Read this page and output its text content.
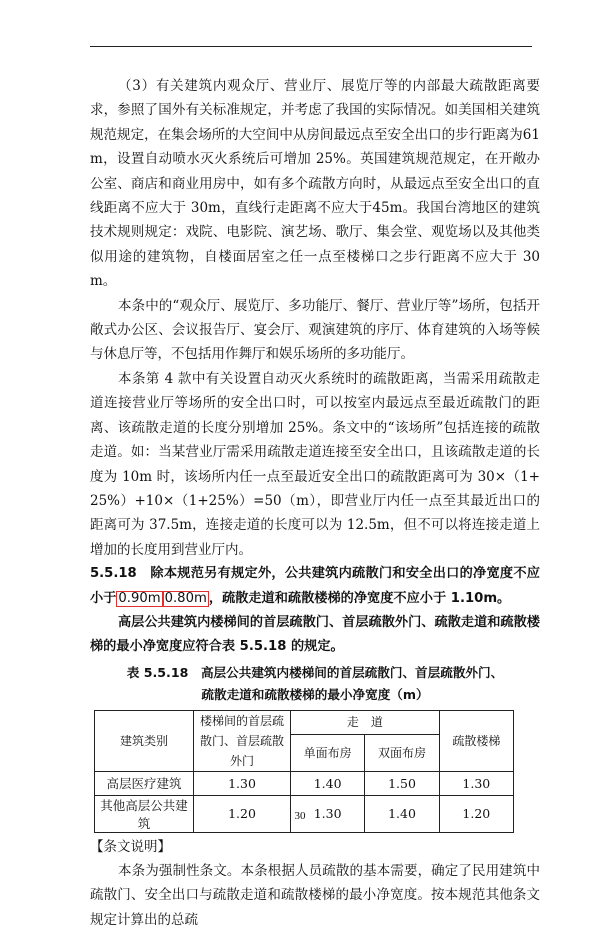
（3）有关建筑内观众厅、营业厅、展览厅等的内部最大疏散距离要求，参照了国外有关标准规定，并考虑了我国的实际情况。如美国相关建筑规范规定，在集会场所的大空间中从房间最远点至安全出口的步行距离为61m，设置自动喷水灭火系统后可增加 25%。英国建筑规范规定，在开敞办公室、商店和商业用房中，如有多个疏散方向时，从最远点至安全出口的直线距离不应大于 30m，直线行走距离不应大于45m。我国台湾地区的建筑技术规则规定：戏院、电影院、演艺场、歌厅、集会堂、观览场以及其他类似用途的建筑物，自楼面居室之任一点至楼梯口之步行距离不应大于 30m。

本条中的“观众厅、展览厅、多功能厅、餐厅、营业厅等”场所，包括开敞式办公区、会议报告厅、宴会厅、观演建筑的序厅、体育建筑的入场等候与休息厅等，不包括用作舞厅和娱乐场所的多功能厅。

本条第 4 款中有关设置自动灭火系统时的疏散距离，当需采用疏散走道连接营业厅等场所的安全出口时，可以按室内最远点至最近疏散门的距离、该疏散走道的长度分别增加 25%。条文中的“该场所”包括连接的疏散走道。如：当某营业厅需采用疏散走道连接至安全出口，且该疏散走道的长度为 10m 时，该场所内任一点至最近安全出口的疏散距离可为 30×（1+25%）+10×（1+25%）=50（m），即营业厅内任一点至其最近出口的距离可为 37.5m，连接走道的长度可以为 12.5m，但不可以将连接走道上增加的长度用到营业厅内。

5.5.18　除本规范另有规定外，公共建筑内疏散门和安全出口的净宽度不应小于 0.90m 0.80m ，疏散走道和疏散楼梯的净宽度不应小于 1.10m。

高层公共建筑内楼梯间的首层疏散门、首层疏散外门、疏散走道和疏散楼梯的最小净宽度应符合表 5.5.18 的规定。

表 5.5.18　高层公共建筑内楼梯间的首层疏散门、首层疏散外门、
疏散走道和疏散楼梯的最小净宽度（m）
建筑类别	楼梯间的首层疏散门、首层疏散外门	走　道		疏散楼梯
		单面布房	双面布房	
高层医疗建筑	1.30	1.40	1.50	1.30
其他高层公共建筑	1.20	1.30	1.40	1.20

【条文说明】

本条为强制性条文。本条根据人员疏散的基本需要，确定了民用建筑中疏散门、安全出口与疏散走道和疏散楼梯的最小净宽度。按本规范其他条文规定计算出的总疏

30
